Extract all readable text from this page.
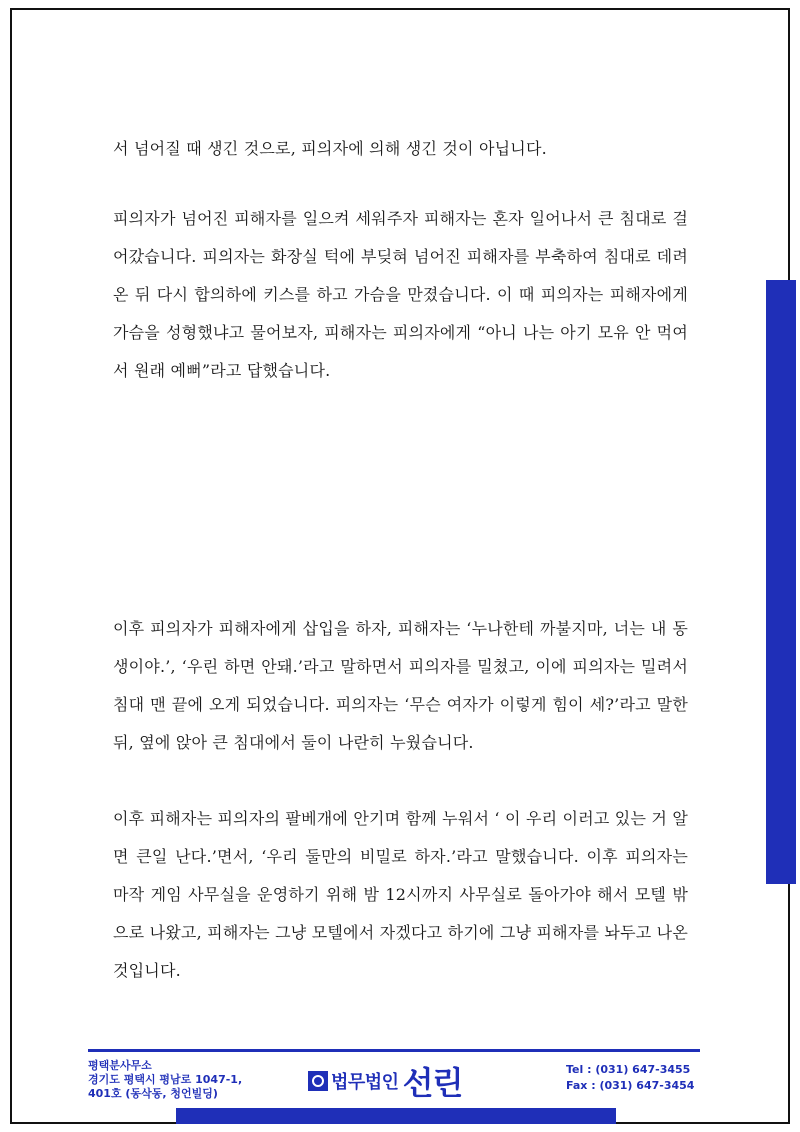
서 넘어질 때 생긴 것으로, 피의자에 의해 생긴 것이 아닙니다.

피의자가 넘어진 피해자를 일으켜 세워주자 피해자는 혼자 일어나서 큰 침대로 걸어갔습니다. 피의자는 화장실 턱에 부딪혀 넘어진 피해자를 부축하여 침대로 데려온 뒤 다시 합의하에 키스를 하고 가슴을 만졌습니다. 이 때 피의자는 피해자에게 가슴을 성형했냐고 물어보자, 피해자는 피의자에게 “아니 나는 아기 모유 안 먹여서 원래 예뻐”라고 답했습니다.

이후 피의자가 피해자에게 삽입을 하자, 피해자는 ‘누나한테 까불지마, 너는 내 동생이야.’, ‘우린 하면 안돼.’라고 말하면서 피의자를 밀쳤고, 이에 피의자는 밀려서 침대 맨 끝에 오게 되었습니다. 피의자는 ‘무슨 여자가 이렇게 힘이 세?’라고 말한 뒤, 옆에 앉아 큰 침대에서 둘이 나란히 누웠습니다.

이후 피해자는 피의자의 팔베개에 안기며 함께 누워서 ‘ 이 우리 이러고 있는 거 알면 큰일 난다.’면서, ‘우리 둘만의 비밀로 하자.’라고 말했습니다. 이후 피의자는 마작 게임 사무실을 운영하기 위해 밤 12시까지 사무실로 돌아가야 해서 모텔 밖으로 나왔고, 피해자는 그냥 모텔에서 자겠다고 하기에 그냥 피해자를 놔두고 나온 것입니다.

평택분사무소
경기도 평택시 평남로 1047-1,
401호 (동삭동, 청언빌딩)
법무법인 선린	Tel : (031) 647-3455
Fax : (031) 647-3454
